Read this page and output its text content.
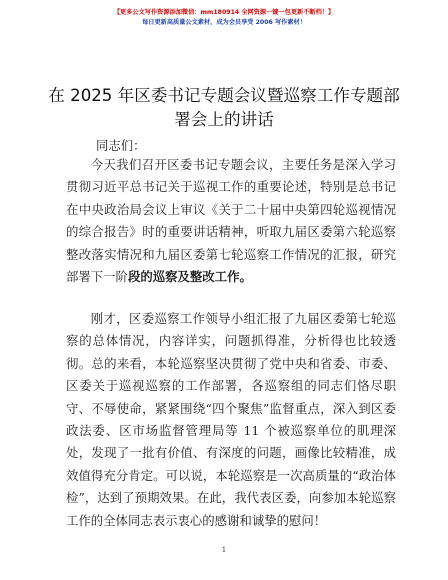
【更多公文写作资源添加微信：mm180914 全网资源一键一包更新不断档！】
每日更新高质量公文素材，成为会员享受 2006 写作素材！
在 2025 年区委书记专题会议暨巡察工作专题部署会上的讲话
同志们：

今天我们召开区委书记专题会议，主要任务是深入学习贯彻习近平总书记关于巡视工作的重要论述，特别是总书记在中央政治局会议上审议《关于二十届中央第四轮巡视情况的综合报告》时的重要讲话精神，听取九届区委第六轮巡察整改落实情况和九届区委第七轮巡察工作情况的汇报，研究部署下一阶段的巡察及整改工作。

刚才，区委巡察工作领导小组汇报了九届区委第七轮巡察的总体情况，内容详实，问题抓得准，分析得也比较透彻。总的来看，本轮巡察坚决贯彻了党中央和省委、市委、区委关于巡视巡察的工作部署，各巡察组的同志们恪尽职守、不辱使命，紧紧围绕“四个聚焦”监督重点，深入到区委政法委、区市场监督管理局等 11 个被巡察单位的肌理深处，发现了一批有价值、有深度的问题，画像比较精准，成效值得充分肯定。可以说，本轮巡察是一次高质量的“政治体检”，达到了预期效果。在此，我代表区委，向参加本轮巡察工作的全体同志表示衷心的感谢和诚挚的慰问！

1
